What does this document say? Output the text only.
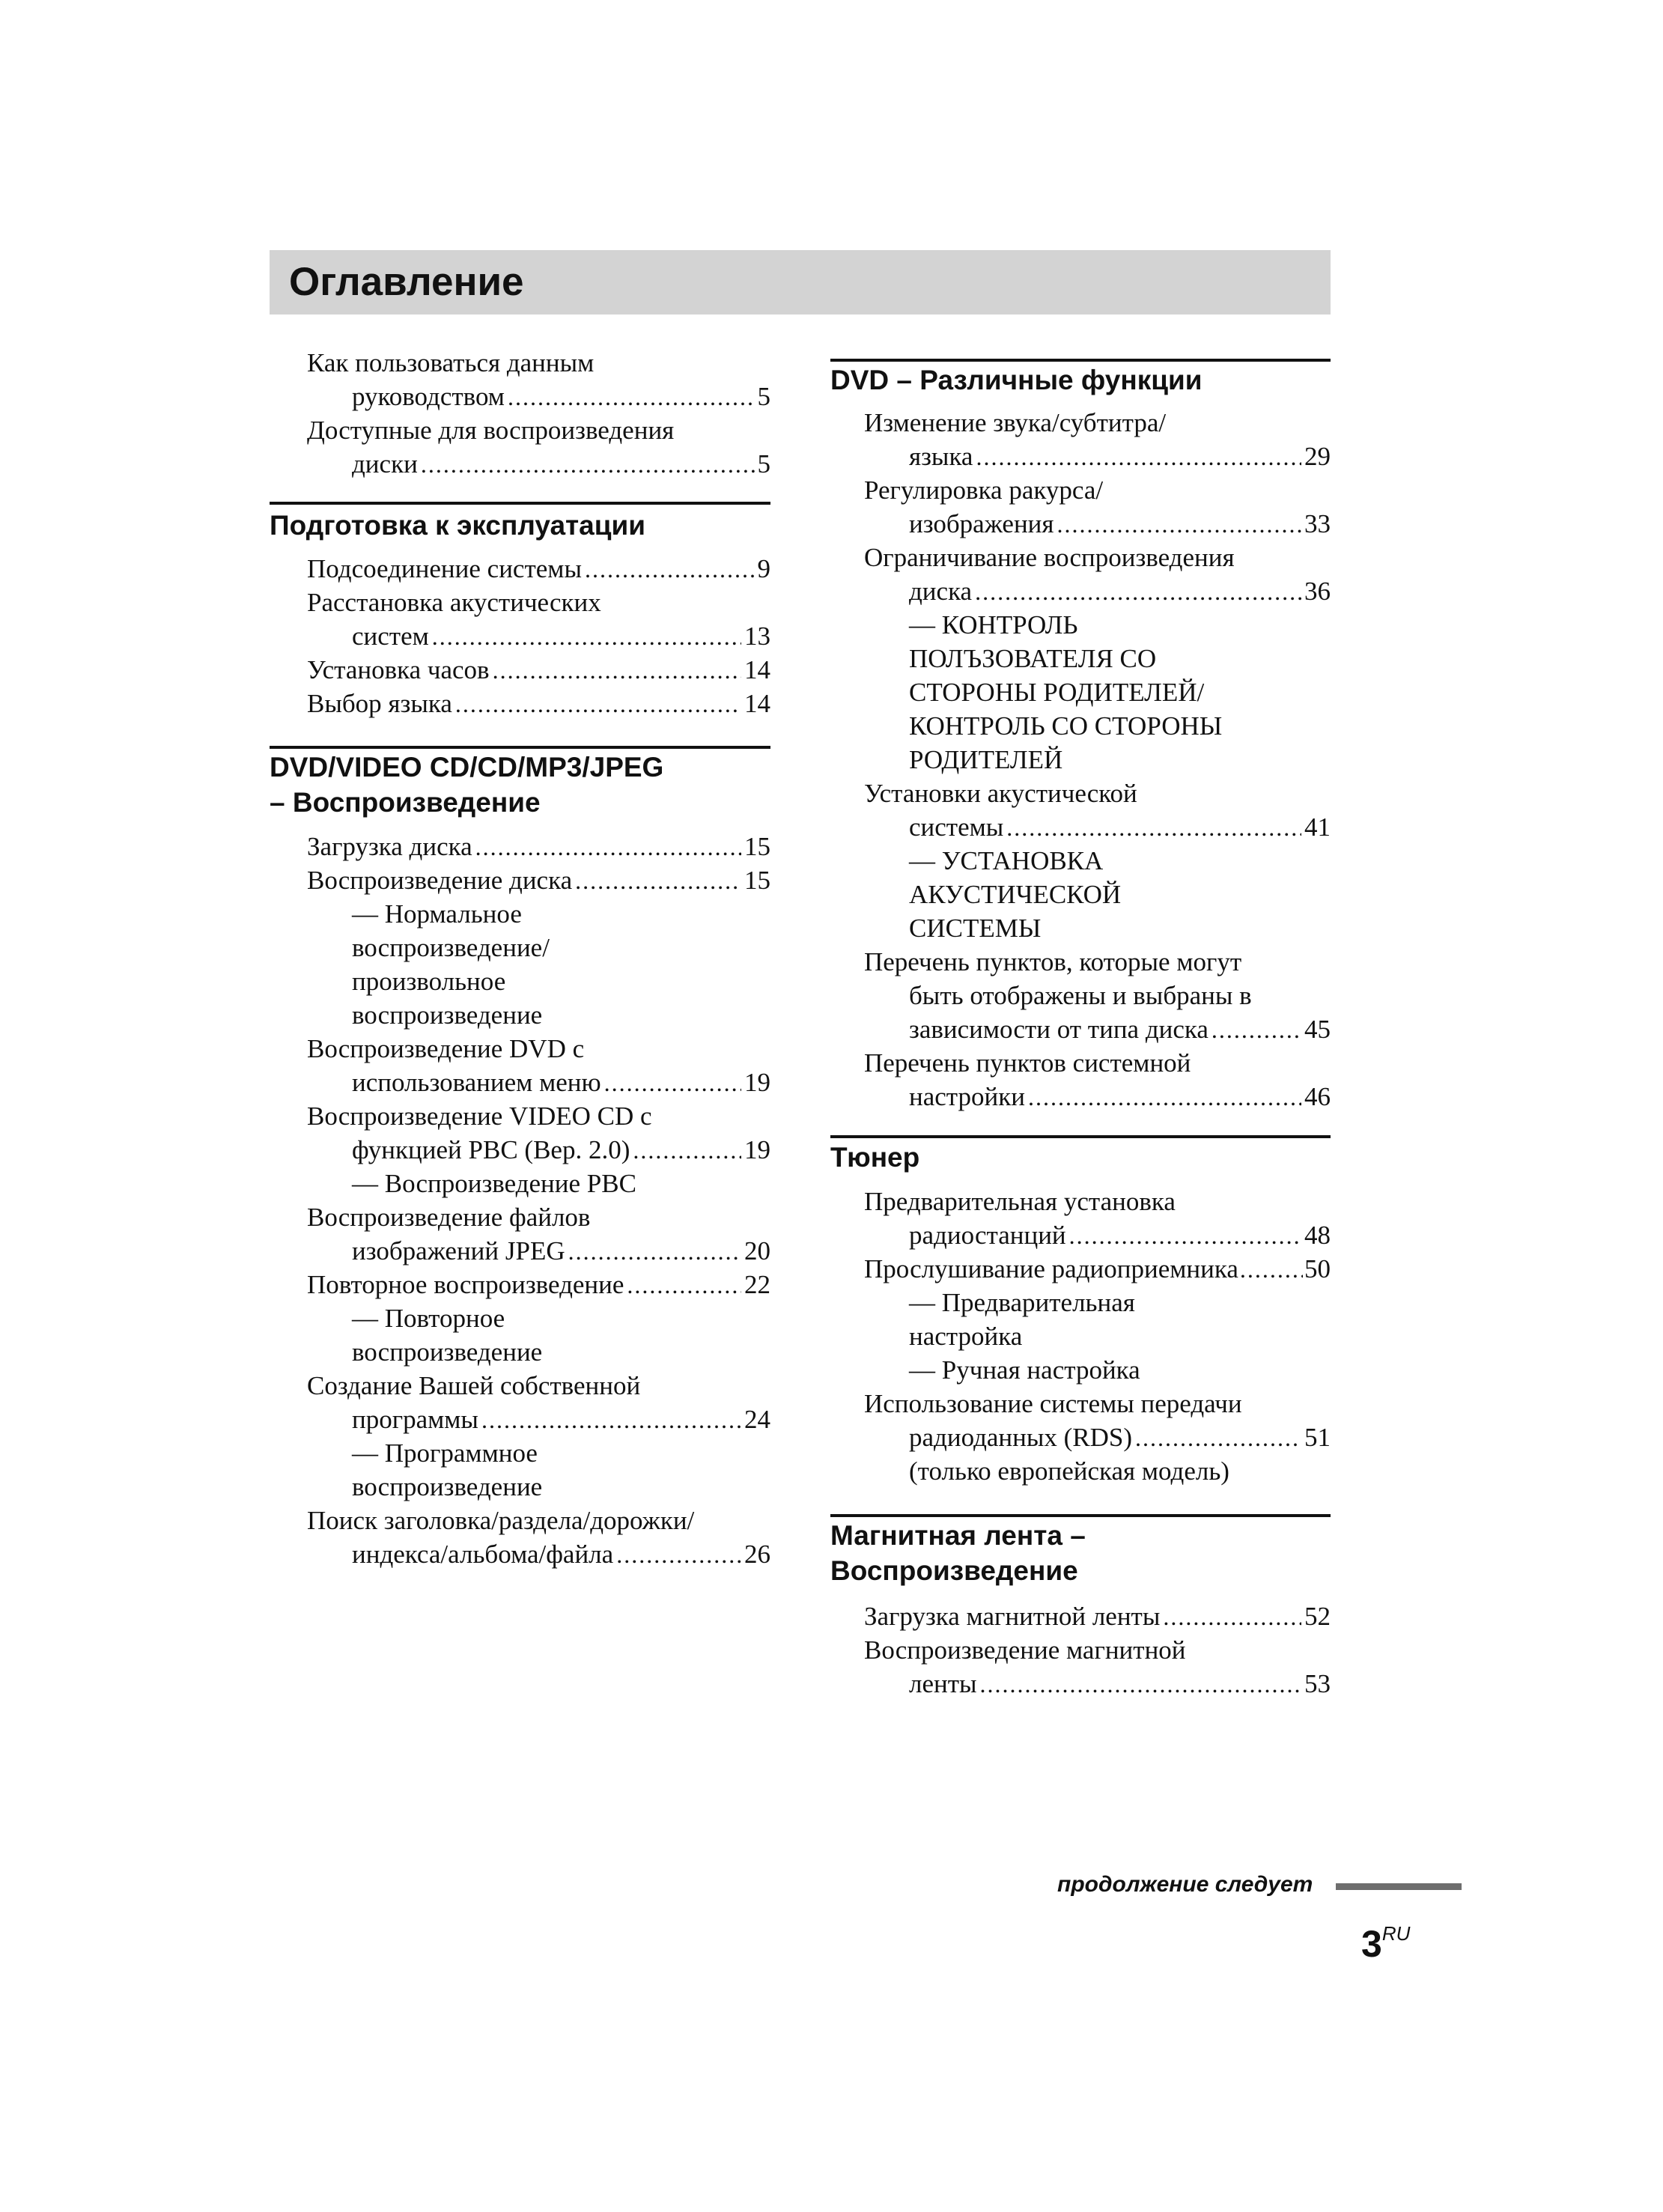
Оглавление
Как пользоваться данным
руководством . . .	5
Доступные для воспроизведения
диски . . .	5
Подготовка к эксплуатации
Подсоединение системы . . .	9
Расстановка акустических
систем . . .	13
Установка часов . . .	14
Выбор языка . . .	14
DVD/VIDEO CD/CD/MP3/JPEG
– Воспроизведение
Загрузка диска . . .	15
Воспроизведение диска . . .	15
— Нормальное
воспроизведение/
произвольное
воспроизведение
Воспроизведение DVD с
использованием меню . . .	19
Воспроизведение VIDEO CD с
функцией PBC (Вер. 2.0) . . .	19
— Воспроизведение PBC
Воспроизведение файлов
изображений JPEG . . .	20
Повторное воспроизведение . . .	22
— Повторное
воспроизведение
Создание Вашей собственной
программы . . .	24
— Программное
воспроизведение
Поиск заголовка/раздела/дорожки/
индекса/альбома/файла . . .	26
DVD – Различные функции
Изменение звука/субтитра/
языка . . .	29
Регулировка ракурса/
изображения . . .	33
Ограничивание воспроизведения
диска . . .	36
— КОНТРОЛЬ
ПОЛЪЗОВАТЕЛЯ СО
СТОРОНЫ РОДИТЕЛЕЙ/
КОНТРОЛЬ СО СТОРОНЫ
РОДИТЕЛЕЙ
Установки акустической
системы . . .	41
— УСТАНОВКА
АКУСТИЧЕСКОЙ
СИСТЕМЫ
Перечень пунктов, которые могут
быть отображены и выбраны в
зависимости от типа диска . . .	45
Перечень пунктов системной
настройки . . .	46
Тюнер
Предварительная установка
радиостанций . . .	48
Прослушивание радиоприемника . . .	50
— Предварительная
настройка
— Ручная настройка
Использование системы передачи
радиоданных (RDS) . . .	51
(только европейская модель)
Магнитная лента –
Воспроизведение
Загрузка магнитной ленты . . .	52
Воспроизведение магнитной
ленты . . .	53
продолжение следует
$3^{RU}$
